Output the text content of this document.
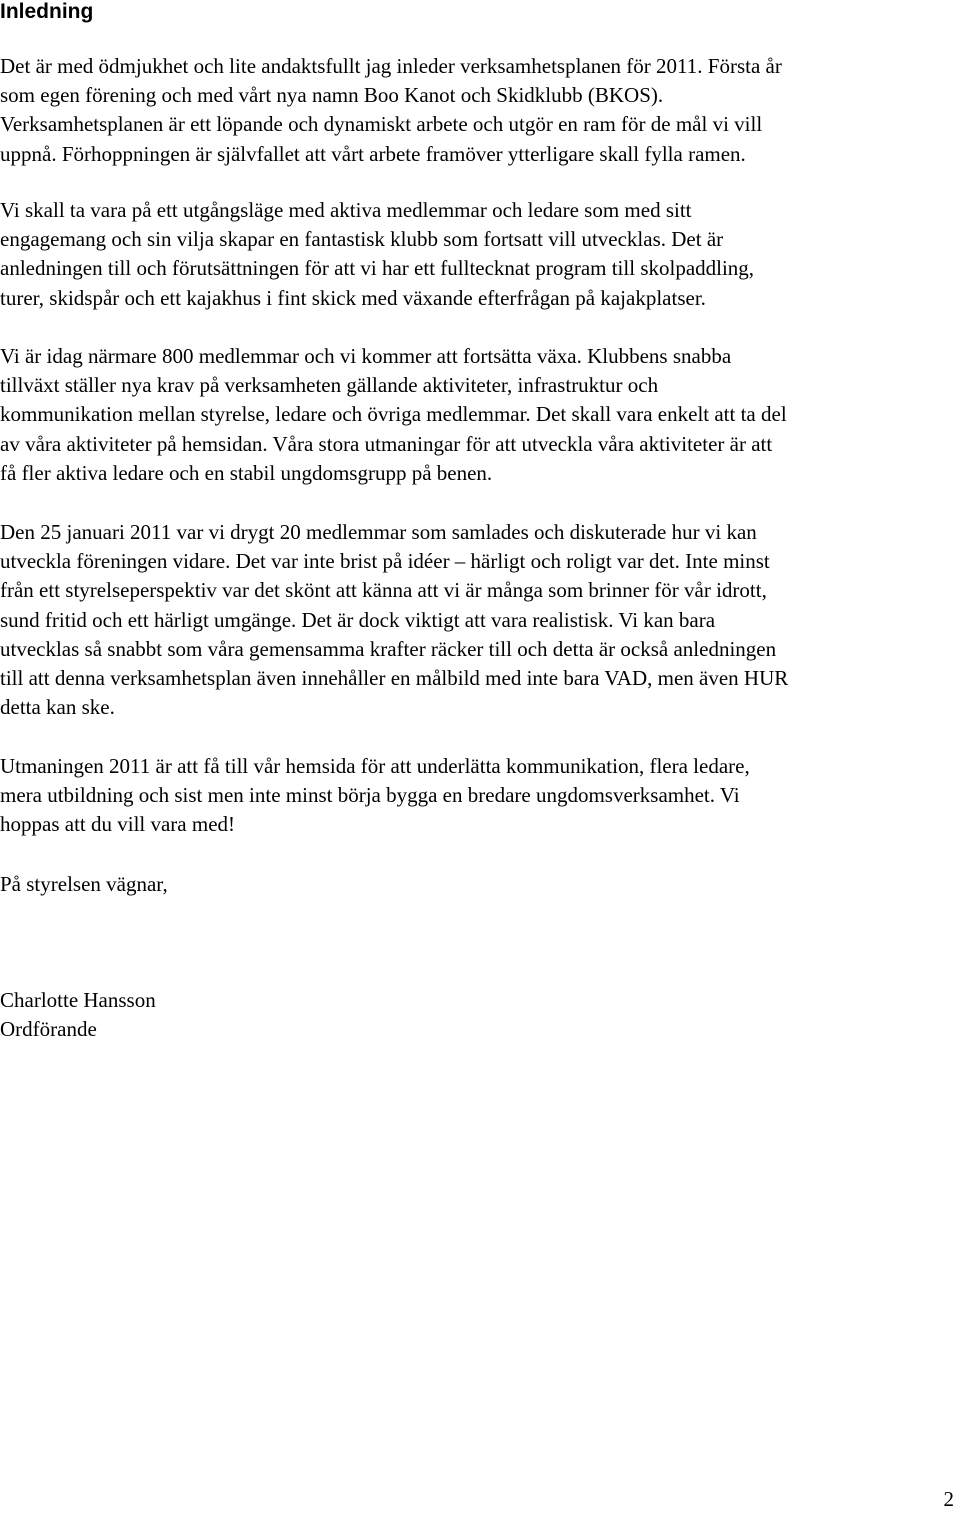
Inledning

Det är med ödmjukhet och lite andaktsfullt jag inleder verksamhetsplanen för 2011. Första år
som egen förening och med vårt nya namn Boo Kanot och Skidklubb (BKOS).
Verksamhetsplanen är ett löpande och dynamiskt arbete och utgör en ram för de mål vi vill
uppnå. Förhoppningen är självfallet att vårt arbete framöver ytterligare skall fylla ramen.

Vi skall ta vara på ett utgångsläge med aktiva medlemmar och ledare som med sitt
engagemang och sin vilja skapar en fantastisk klubb som fortsatt vill utvecklas. Det är
anledningen till och förutsättningen för att vi har ett fulltecknat program till skolpaddling,
turer, skidspår och ett kajakhus i fint skick med växande efterfrågan på kajakplatser.

Vi är idag närmare 800 medlemmar och vi kommer att fortsätta växa. Klubbens snabba
tillväxt ställer nya krav på verksamheten gällande aktiviteter, infrastruktur och
kommunikation mellan styrelse, ledare och övriga medlemmar. Det skall vara enkelt att ta del
av våra aktiviteter på hemsidan. Våra stora utmaningar för att utveckla våra aktiviteter är att
få fler aktiva ledare och en stabil ungdomsgrupp på benen.

Den 25 januari 2011 var vi drygt 20 medlemmar som samlades och diskuterade hur vi kan
utveckla föreningen vidare. Det var inte brist på idéer – härligt och roligt var det. Inte minst
från ett styrelseperspektiv var det skönt att känna att vi är många som brinner för vår idrott,
sund fritid och ett härligt umgänge. Det är dock viktigt att vara realistisk. Vi kan bara
utvecklas så snabbt som våra gemensamma krafter räcker till och detta är också anledningen
till att denna verksamhetsplan även innehåller en målbild med inte bara VAD, men även HUR
detta kan ske.

Utmaningen 2011 är att få till vår hemsida för att underlätta kommunikation, flera ledare,
mera utbildning och sist men inte minst börja bygga en bredare ungdomsverksamhet. Vi
hoppas att du vill vara med!

På styrelsen vägnar,

Charlotte Hansson

Ordförande

2
